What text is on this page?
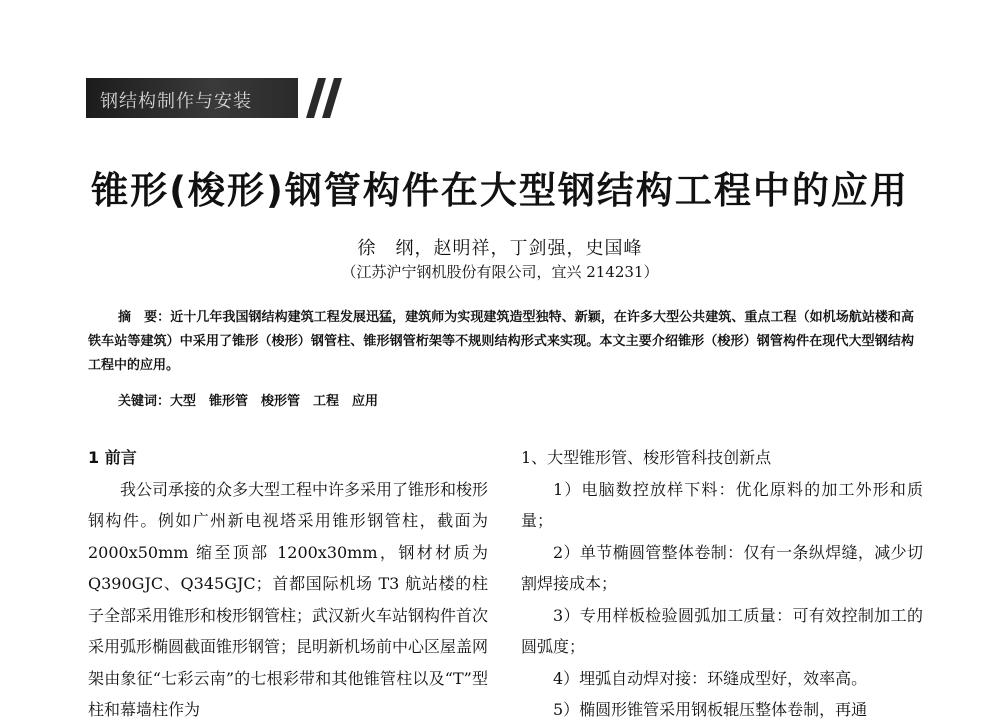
钢结构制作与安装
锥形(梭形)钢管构件在大型钢结构工程中的应用
徐　纲，赵明祥，丁剑强，史国峰
（江苏沪宁钢机股份有限公司，宜兴 214231）
摘　要：近十几年我国钢结构建筑工程发展迅猛，建筑师为实现建筑造型独特、新颖，在许多大型公共建筑、重点工程（如机场航站楼和高铁车站等建筑）中采用了锥形（梭形）钢管柱、锥形钢管桁架等不规则结构形式来实现。本文主要介绍锥形（梭形）钢管构件在现代大型钢结构工程中的应用。
关键词：大型　锥形管　梭形管　工程　应用

1 前言

我公司承接的众多大型工程中许多采用了锥形和梭形钢构件。例如广州新电视塔采用锥形钢管柱，截面为 2000x50mm 缩至顶部 1200x30mm，钢材材质为 Q390GJC、Q345GJC；首都国际机场 T3 航站楼的柱子全部采用锥形和梭形钢管柱；武汉新火车站钢构件首次采用弧形椭圆截面锥形钢管；昆明新机场前中心区屋盖网架由象征“七彩云南”的七根彩带和其他锥管柱以及“T”型柱和幕墙柱作为

1、大型锥形管、梭形管科技创新点

1）电脑数控放样下料：优化原料的加工外形和质量；

2）单节椭圆管整体卷制：仅有一条纵焊缝，减少切割焊接成本；

3）专用样板检验圆弧加工质量：可有效控制加工的圆弧度；

4）埋弧自动焊对接：环缝成型好，效率高。

5）椭圆形锥管采用钢板辊压整体卷制，再通
